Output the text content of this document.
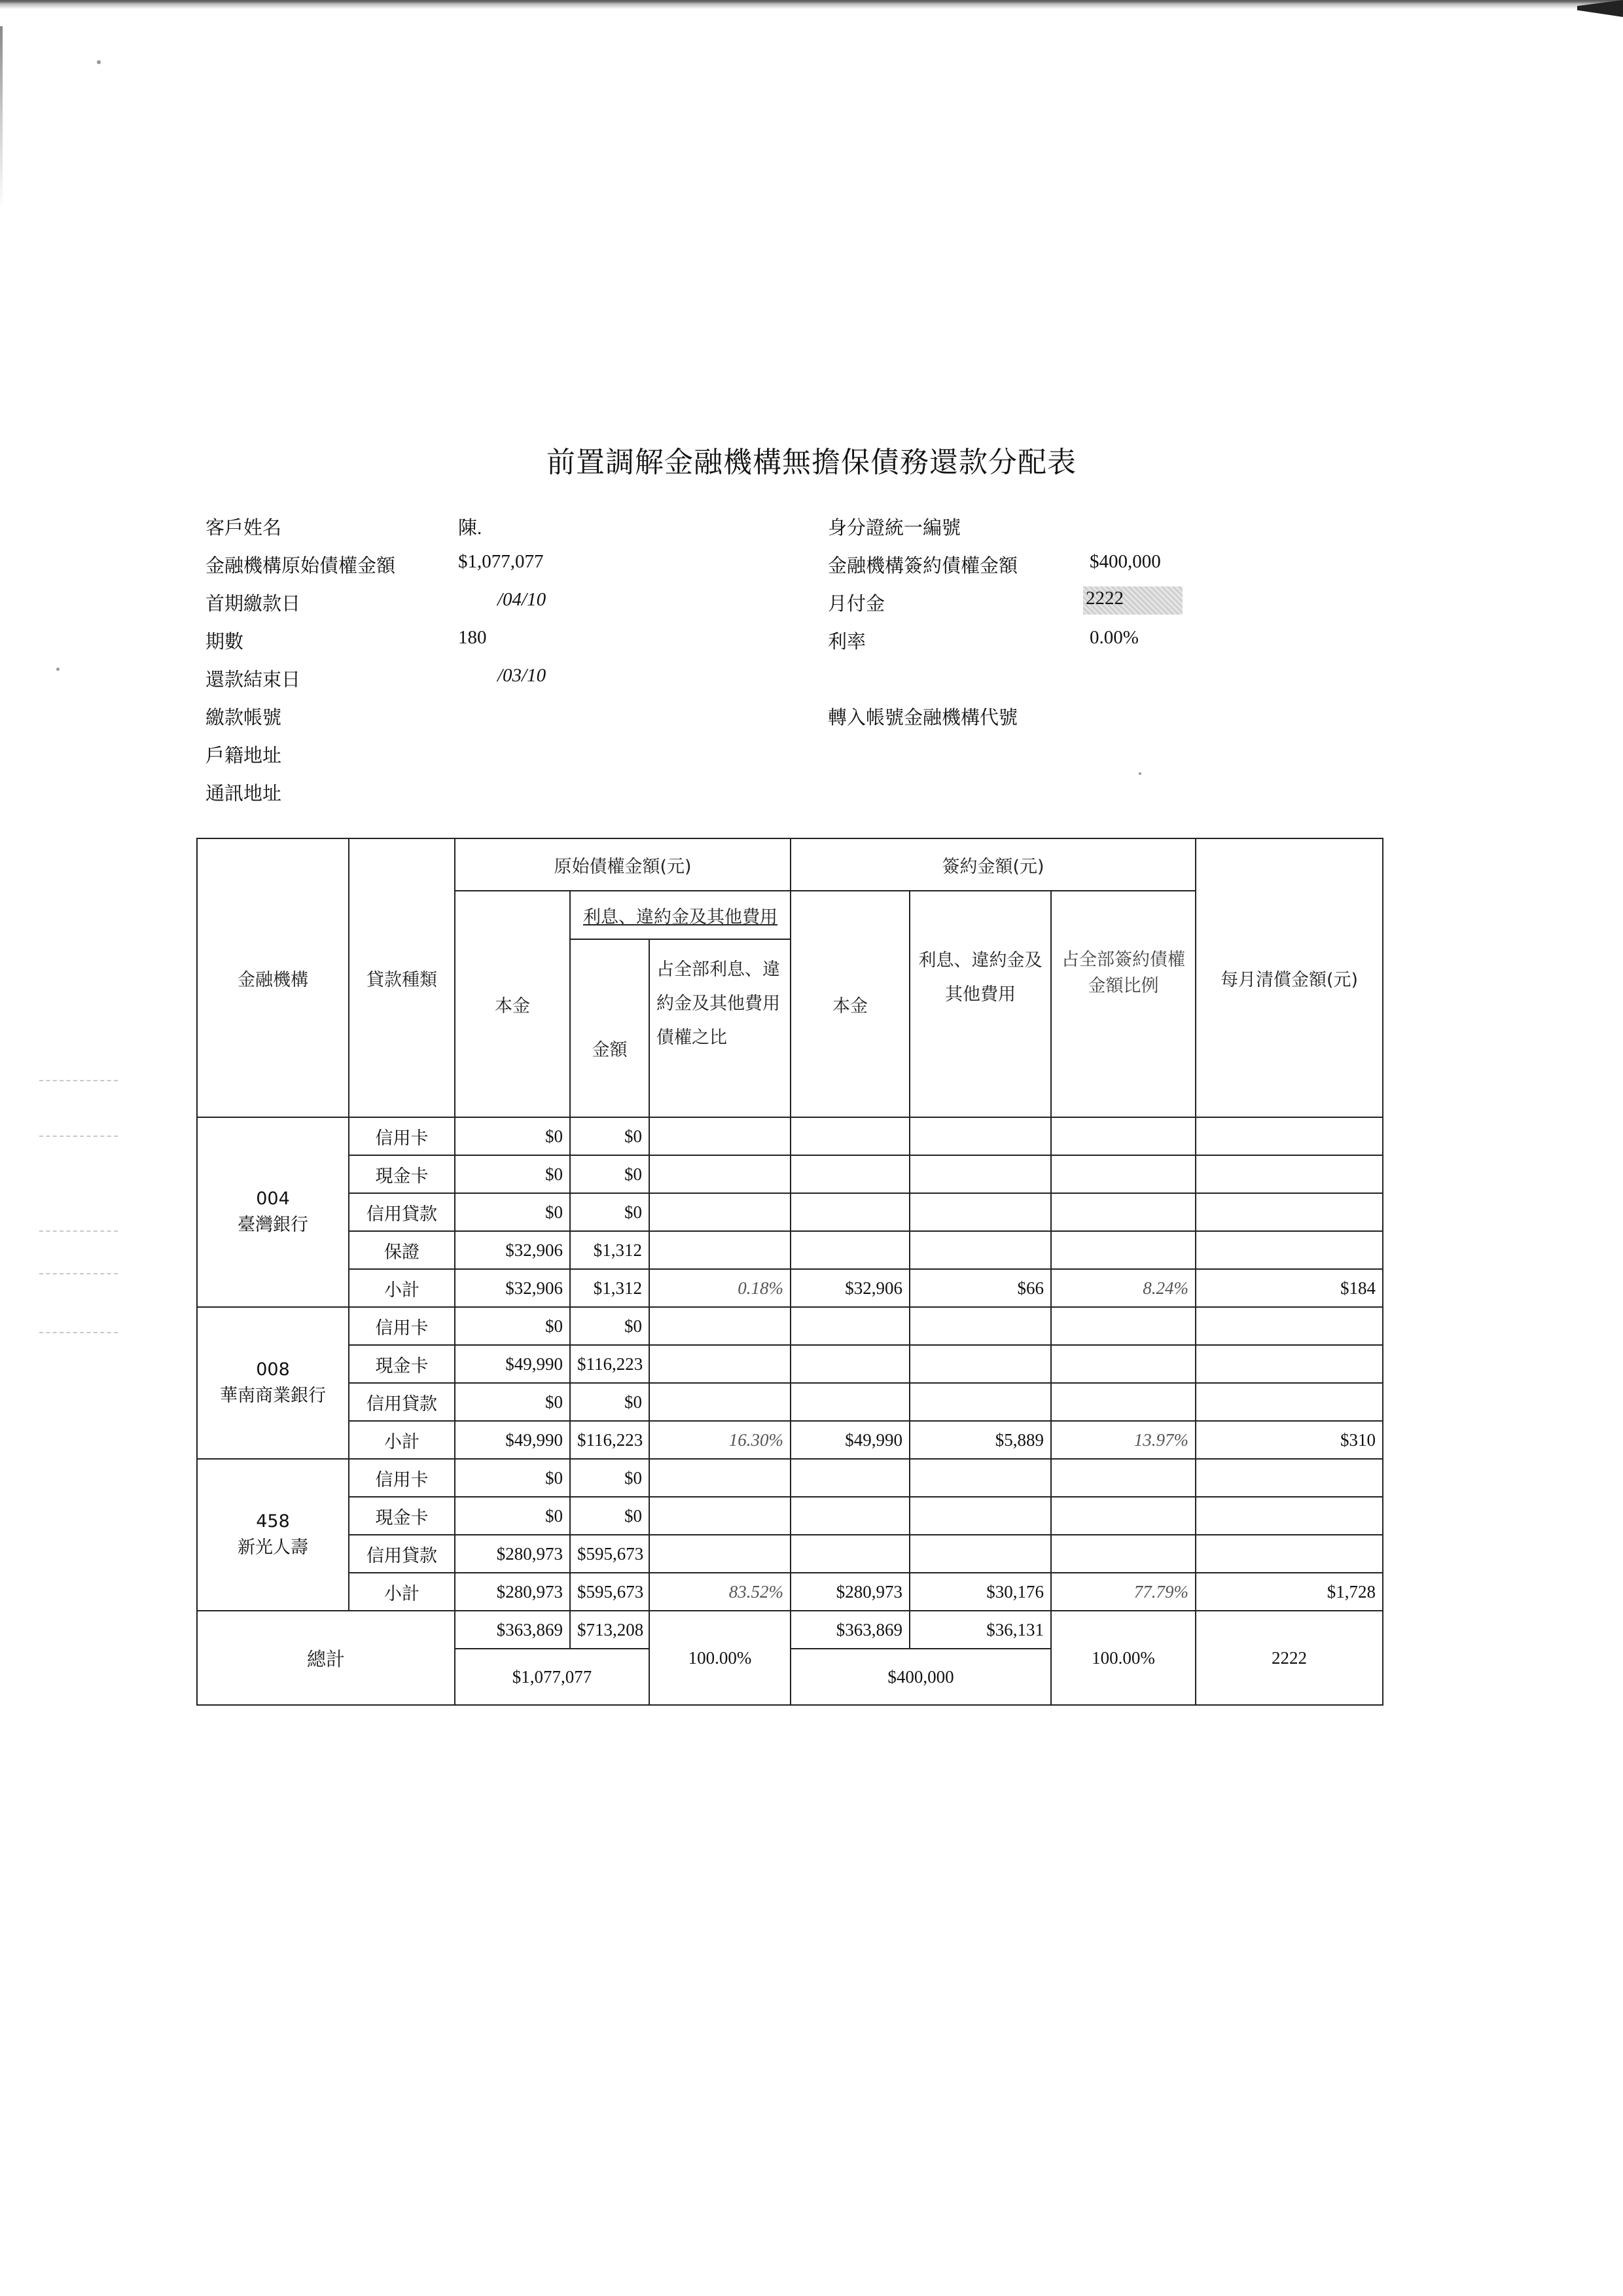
前置調解金融機構無擔保債務還款分配表
客戶姓名	陳.	身分證統一編號
金融機構原始債權金額	$1,077,077	金融機構簽約債權金額	$400,000
首期繳款日	/04/10	月付金	2222
期數	180	利率	0.00%
還款結束日	/03/10
繳款帳號	轉入帳號金融機構代號
戶籍地址
通訊地址
金融機構	貸款種類	原始債權金額(元)			簽約金額(元)			每月清償金額(元)
		本金	利息、違約金及其他費用		本金	利息、違約金及其他費用	占全部簽約債權金額比例	
			金額	占全部利息、違約金及其他費用債權之比				

004
臺灣銀行	信用卡	$0	$0					
	現金卡	$0	$0					
	信用貸款	$0	$0					
	保證	$32,906	$1,312					
	小計	$32,906	$1,312	0.18%	$32,906	$66	8.24%	$184

008
華南商業銀行	信用卡	$0	$0					
	現金卡	$49,990	$116,223					
	信用貸款	$0	$0					
	小計	$49,990	$116,223	16.30%	$49,990	$5,889	13.97%	$310

458
新光人壽	信用卡	$0	$0					
	現金卡	$0	$0					
	信用貸款	$280,973	$595,673					
	小計	$280,973	$595,673	83.52%	$280,973	$30,176	77.79%	$1,728
總計		$363,869	$713,208	100.00%	$363,869	$36,131	100.00%	2222
		$1,077,077			$400,000			
